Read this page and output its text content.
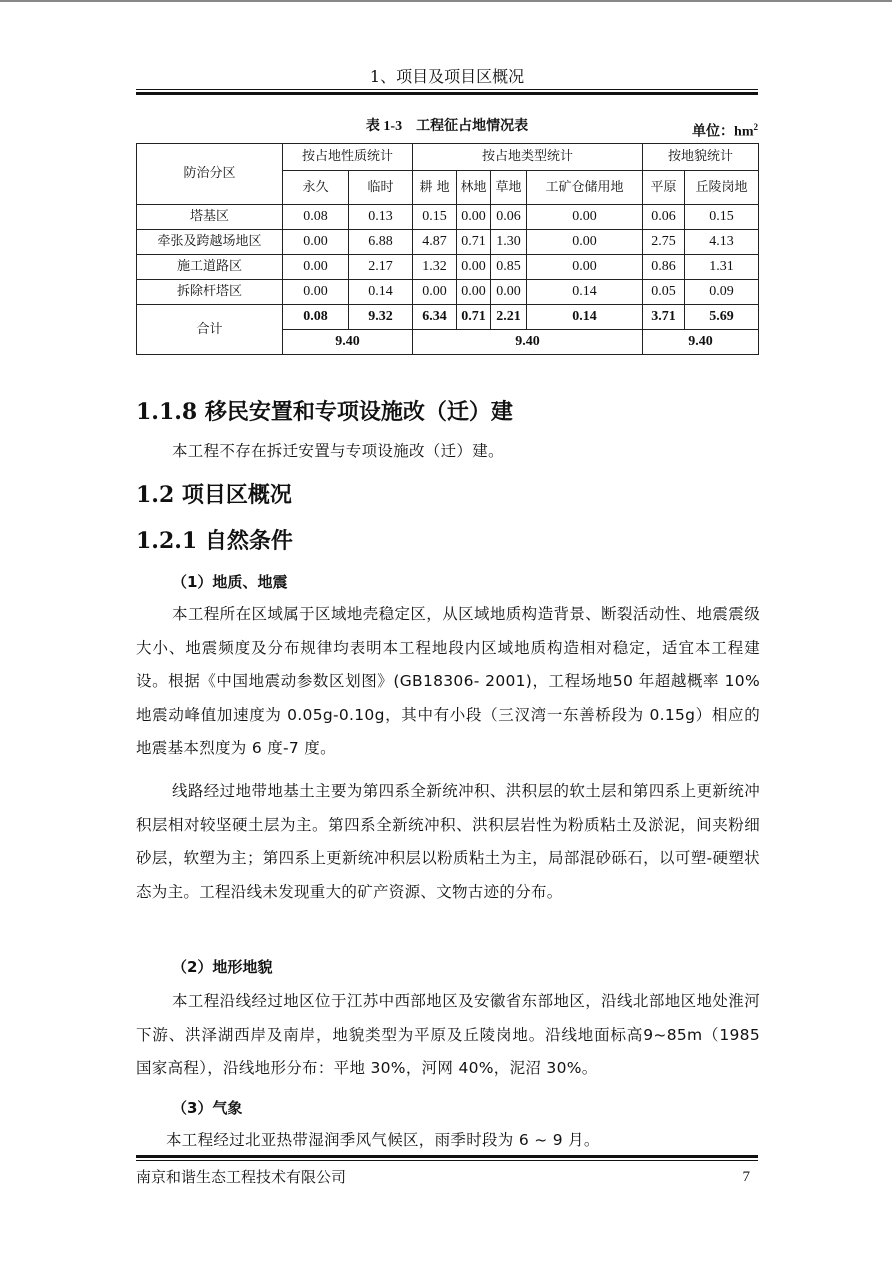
1、项目及项目区概况
表 1-3　工程征占地情况表	单位：$hm^2$
防治分区	按占地性质统计		按占地类型统计				按地貌统计	
	永久	临时	耕 地	林地	草地	工矿仓储用地	平原	丘陵岗地
塔基区	0.08	0.13	0.15	0.00	0.06	0.00	0.06	0.15
牵张及跨越场地区	0.00	6.88	4.87	0.71	1.30	0.00	2.75	4.13
施工道路区	0.00	2.17	1.32	0.00	0.85	0.00	0.86	1.31
拆除杆塔区	0.00	0.14	0.00	0.00	0.00	0.14	0.05	0.09
合计	0.08	9.32	6.34	0.71	2.21	0.14	3.71	5.69
	9.40		9.40				9.40	
1.1.8 移民安置和专项设施改（迁）建
本工程不存在拆迁安置与专项设施改（迁）建。
1.2 项目区概况
1.2.1 自然条件
（1）地质、地震
本工程所在区域属于区域地壳稳定区，从区域地质构造背景、断裂活动性、地震震级大小、地震频度及分布规律均表明本工程地段内区域地质构造相对稳定，适宜本工程建设。根据《中国地震动参数区划图》(GB18306- 2001)，工程场地50 年超越概率 10%地震动峰值加速度为 0.05g-0.10g，其中有小段（三汊湾一东善桥段为 0.15g）相应的地震基本烈度为 6 度-7 度。
线路经过地带地基土主要为第四系全新统冲积、洪积层的软土层和第四系上更新统冲积层相对较坚硬土层为主。第四系全新统冲积、洪积层岩性为粉质粘土及淤泥，间夹粉细砂层，软塑为主；第四系上更新统冲积层以粉质粘土为主，局部混砂砾石，以可塑-硬塑状态为主。工程沿线未发现重大的矿产资源、文物古迹的分布。
（2）地形地貌
本工程沿线经过地区位于江苏中西部地区及安徽省东部地区，沿线北部地区地处淮河下游、洪泽湖西岸及南岸，地貌类型为平原及丘陵岗地。沿线地面标高9~85m（1985 国家高程），沿线地形分布：平地 30%，河网 40%，泥沼 30%。
（3）气象
本工程经过北亚热带湿润季风气候区，雨季时段为 6 ~ 9 月。
南京和谐生态工程技术有限公司	7
